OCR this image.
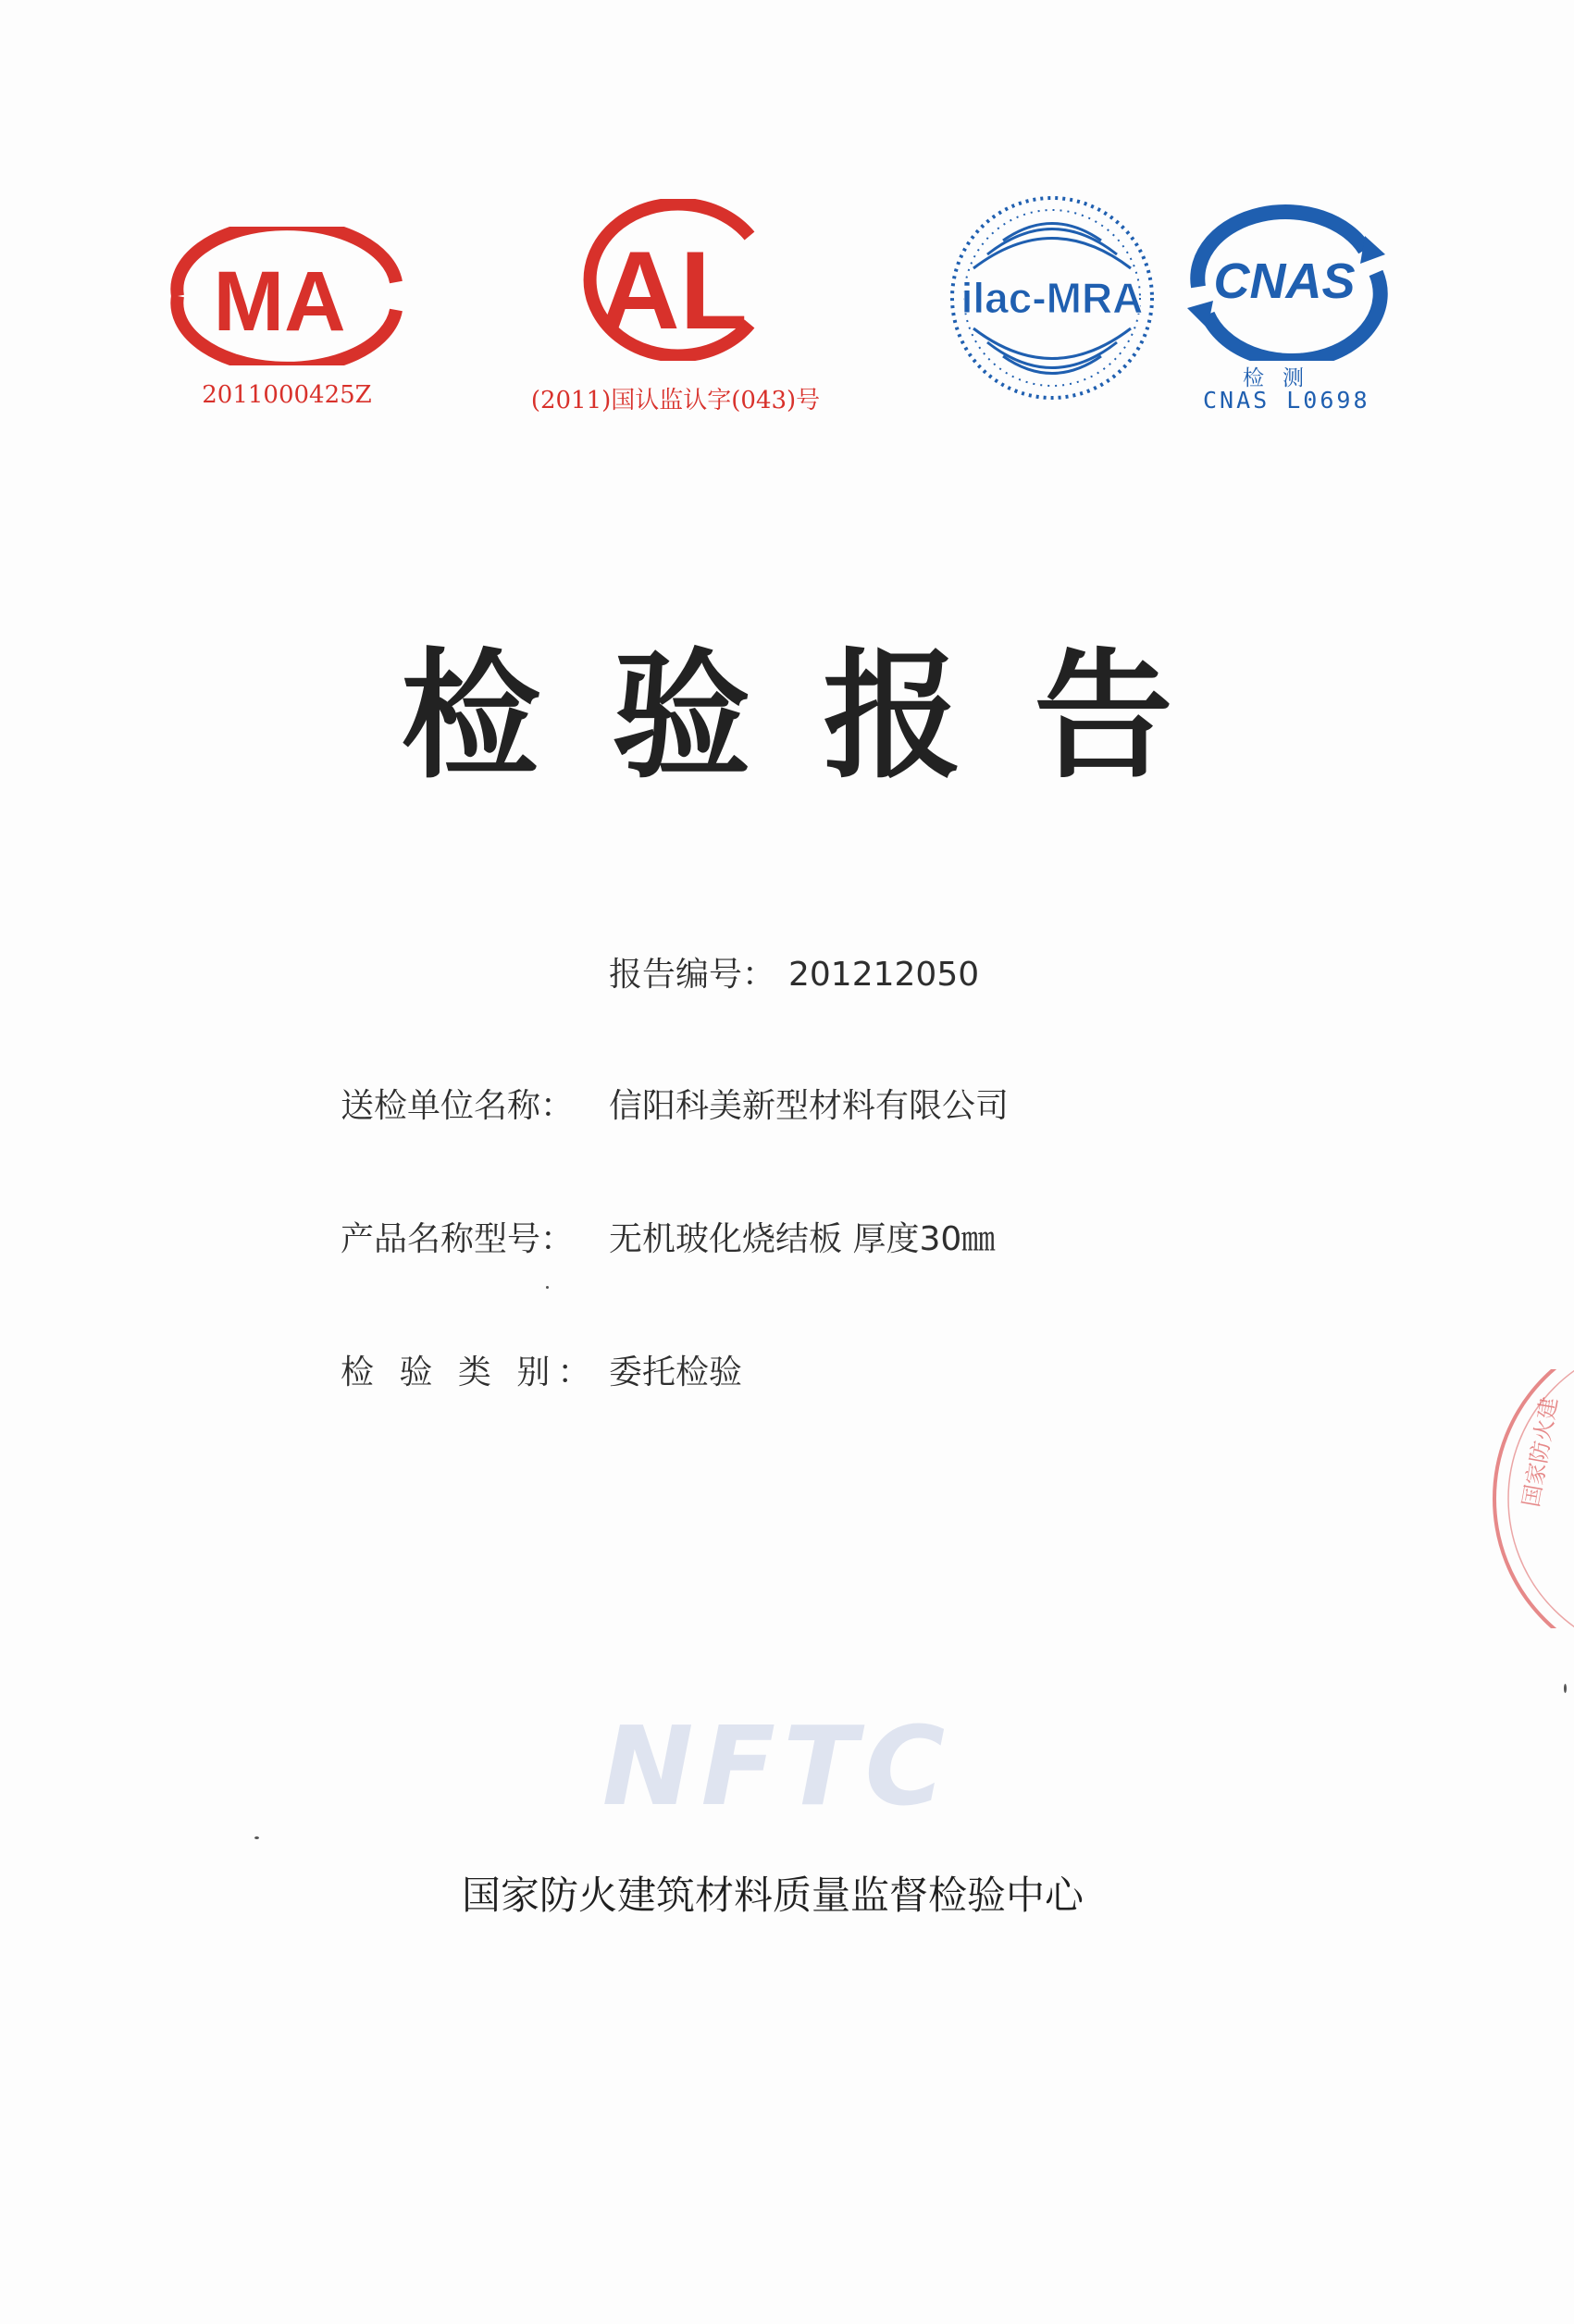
MA
2011000425Z
AL
(2011)国认监认字(043)号
ilac-MRA CNAS
检测
CNAS L0698
检验报告
报告编号： 201212050
送检单位名称： 信阳科美新型材料有限公司
产品名称型号： 无机玻化烧结板 厚度30㎜
检 验 类 别： 委托检验
NFTC
国家防火建筑材料质量监督检验中心
国家防火建
